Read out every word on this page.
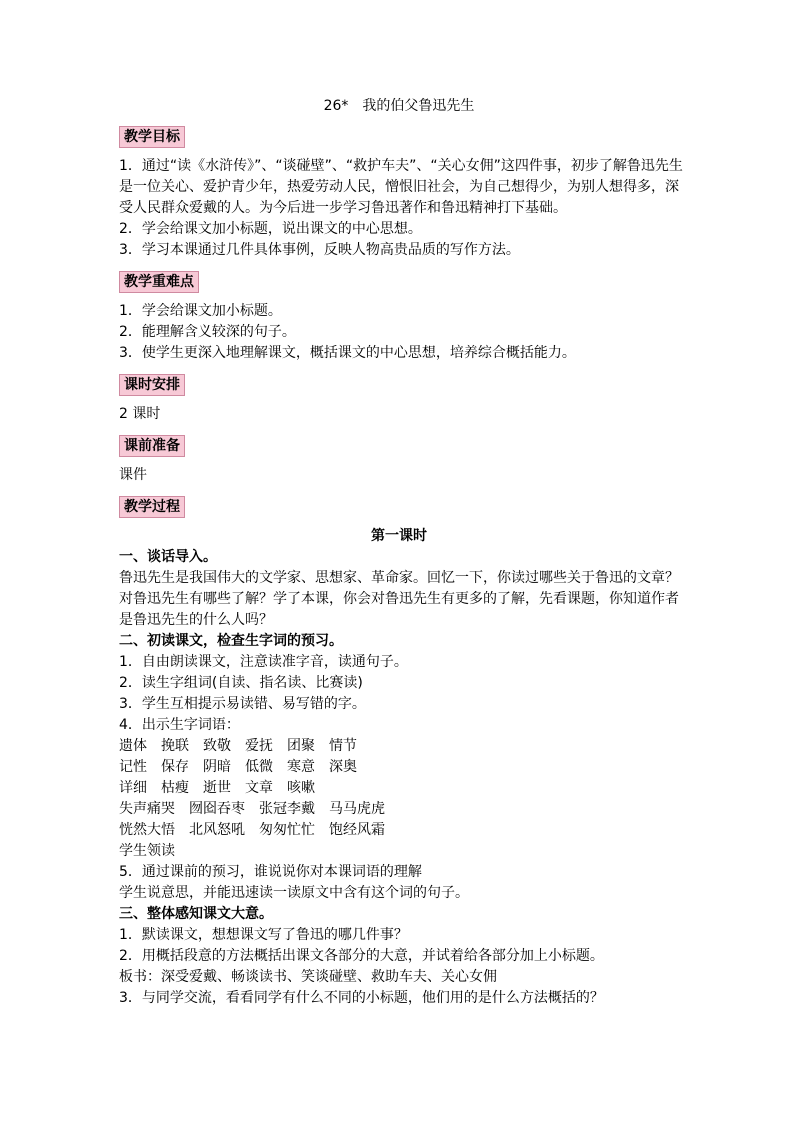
26*　我的伯父鲁迅先生
教学目标
1．通过“读《水浒传》”、“谈碰壁”、“救护车夫”、“关心女佣”这四件事，初步了解鲁迅先生
是一位关心、爱护青少年，热爱劳动人民，憎恨旧社会，为自己想得少，为别人想得多，深
受人民群众爱戴的人。为今后进一步学习鲁迅著作和鲁迅精神打下基础。
2．学会给课文加小标题，说出课文的中心思想。
3．学习本课通过几件具体事例，反映人物高贵品质的写作方法。
教学重难点
1．学会给课文加小标题。
2．能理解含义较深的句子。
3．使学生更深入地理解课文，概括课文的中心思想，培养综合概括能力。
课时安排
2 课时
课前准备
课件
教学过程
第一课时
一、谈话导入。
鲁迅先生是我国伟大的文学家、思想家、革命家。回忆一下，你读过哪些关于鲁迅的文章？
对鲁迅先生有哪些了解？学了本课，你会对鲁迅先生有更多的了解，先看课题，你知道作者
是鲁迅先生的什么人吗？
二、初读课文，检查生字词的预习。
1．自由朗读课文，注意读准字音，读通句子。
2．读生字组词(自读、指名读、比赛读)
3．学生互相提示易读错、易写错的字。
4．出示生字词语：
遗体 挽联 致敬 爱抚 团聚 情节
记性 保存 阴暗 低微 寒意 深奥
详细 枯瘦 逝世 文章 咳嗽
失声痛哭 囫囵吞枣 张冠李戴 马马虎虎
恍然大悟 北风怒吼 匆匆忙忙 饱经风霜
学生领读
5．通过课前的预习，谁说说你对本课词语的理解
学生说意思，并能迅速读一读原文中含有这个词的句子。
三、整体感知课文大意。
1．默读课文，想想课文写了鲁迅的哪几件事？
2．用概括段意的方法概括出课文各部分的大意，并试着给各部分加上小标题。
板书：深受爱戴、畅谈读书、笑谈碰壁、救助车夫、关心女佣
3．与同学交流，看看同学有什么不同的小标题，他们用的是什么方法概括的？
